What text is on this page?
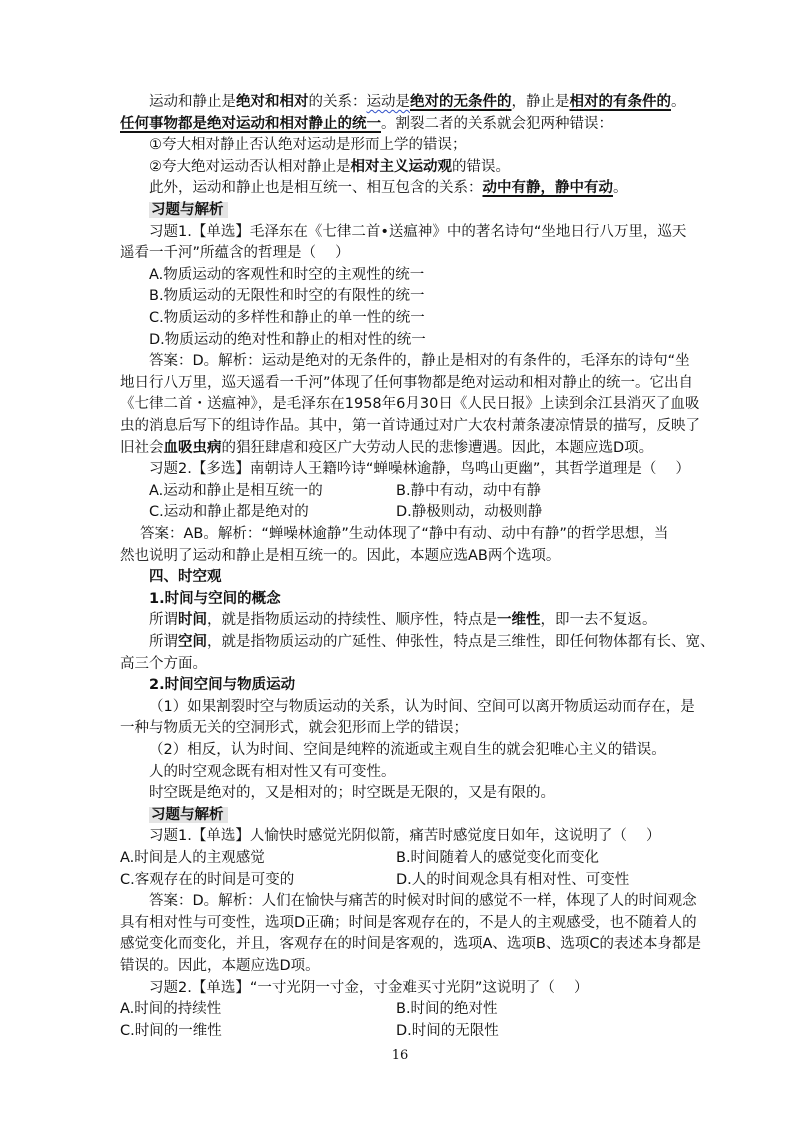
运动和静止是绝对和相对的关系：运动是绝对的无条件的，静止是相对的有条件的。
任何事物都是绝对运动和相对静止的统一。割裂二者的关系就会犯两种错误：
①夸大相对静止否认绝对运动是形而上学的错误；
②夸大绝对运动否认相对静止是相对主义运动观的错误。
此外，运动和静止也是相互统一、相互包含的关系：动中有静，静中有动。
习题与解析
习题1.【单选】毛泽东在《七律二首•送瘟神》中的著名诗句“坐地日行八万里，巡天
遥看一千河”所蕴含的哲理是（　 ）
A.物质运动的客观性和时空的主观性的统一
B.物质运动的无限性和时空的有限性的统一
C.物质运动的多样性和静止的单一性的统一
D.物质运动的绝对性和静止的相对性的统一
答案：D。解析：运动是绝对的无条件的，静止是相对的有条件的，毛泽东的诗句“坐
地日行八万里，巡天遥看一千河”体现了任何事物都是绝对运动和相对静止的统一。它出自
《七律二首・送瘟神》，是毛泽东在1958年6月30日《人民日报》上读到余江县消灭了血吸
虫的消息后写下的组诗作品。其中，第一首诗通过对广大农村萧条凄凉情景的描写，反映了
旧社会血吸虫病的猖狂肆虐和疫区广大劳动人民的悲惨遭遇。因此，本题应选D项。
习题2.【多选】南朝诗人王籍吟诗“蝉噪林逾静，鸟鸣山更幽”，其哲学道理是（　 ）
A.运动和静止是相互统一的	B.静中有动，动中有静
C.运动和静止都是绝对的	D.静极则动，动极则静
答案：AB。解析：“蝉噪林逾静”生动体现了“静中有动、动中有静”的哲学思想，当
然也说明了运动和静止是相互统一的。因此，本题应选AB两个选项。
四、时空观
1.时间与空间的概念
所谓时间，就是指物质运动的持续性、顺序性，特点是一维性，即一去不复返。
所谓空间，就是指物质运动的广延性、伸张性，特点是三维性，即任何物体都有长、宽、
高三个方面。
2.时间空间与物质运动
（1）如果割裂时空与物质运动的关系，认为时间、空间可以离开物质运动而存在，是
一种与物质无关的空洞形式，就会犯形而上学的错误；
（2）相反，认为时间、空间是纯粹的流逝或主观自生的就会犯唯心主义的错误。
人的时空观念既有相对性又有可变性。
时空既是绝对的，又是相对的；时空既是无限的，又是有限的。
习题与解析
习题1.【单选】人愉快时感觉光阴似箭，痛苦时感觉度日如年，这说明了（　 ）
A.时间是人的主观感觉	B.时间随着人的感觉变化而变化
C.客观存在的时间是可变的	D.人的时间观念具有相对性、可变性
答案：D。解析：人们在愉快与痛苦的时候对时间的感觉不一样，体现了人的时间观念
16
具有相对性与可变性，选项D正确；时间是客观存在的，不是人的主观感受，也不随着人的
感觉变化而变化，并且，客观存在的时间是客观的，选项A、选项B、选项C的表述本身都是
错误的。因此，本题应选D项。
习题2.【单选】“一寸光阴一寸金，寸金难买寸光阴”这说明了（　 ）
A.时间的持续性	B.时间的绝对性
C.时间的一维性	D.时间的无限性
